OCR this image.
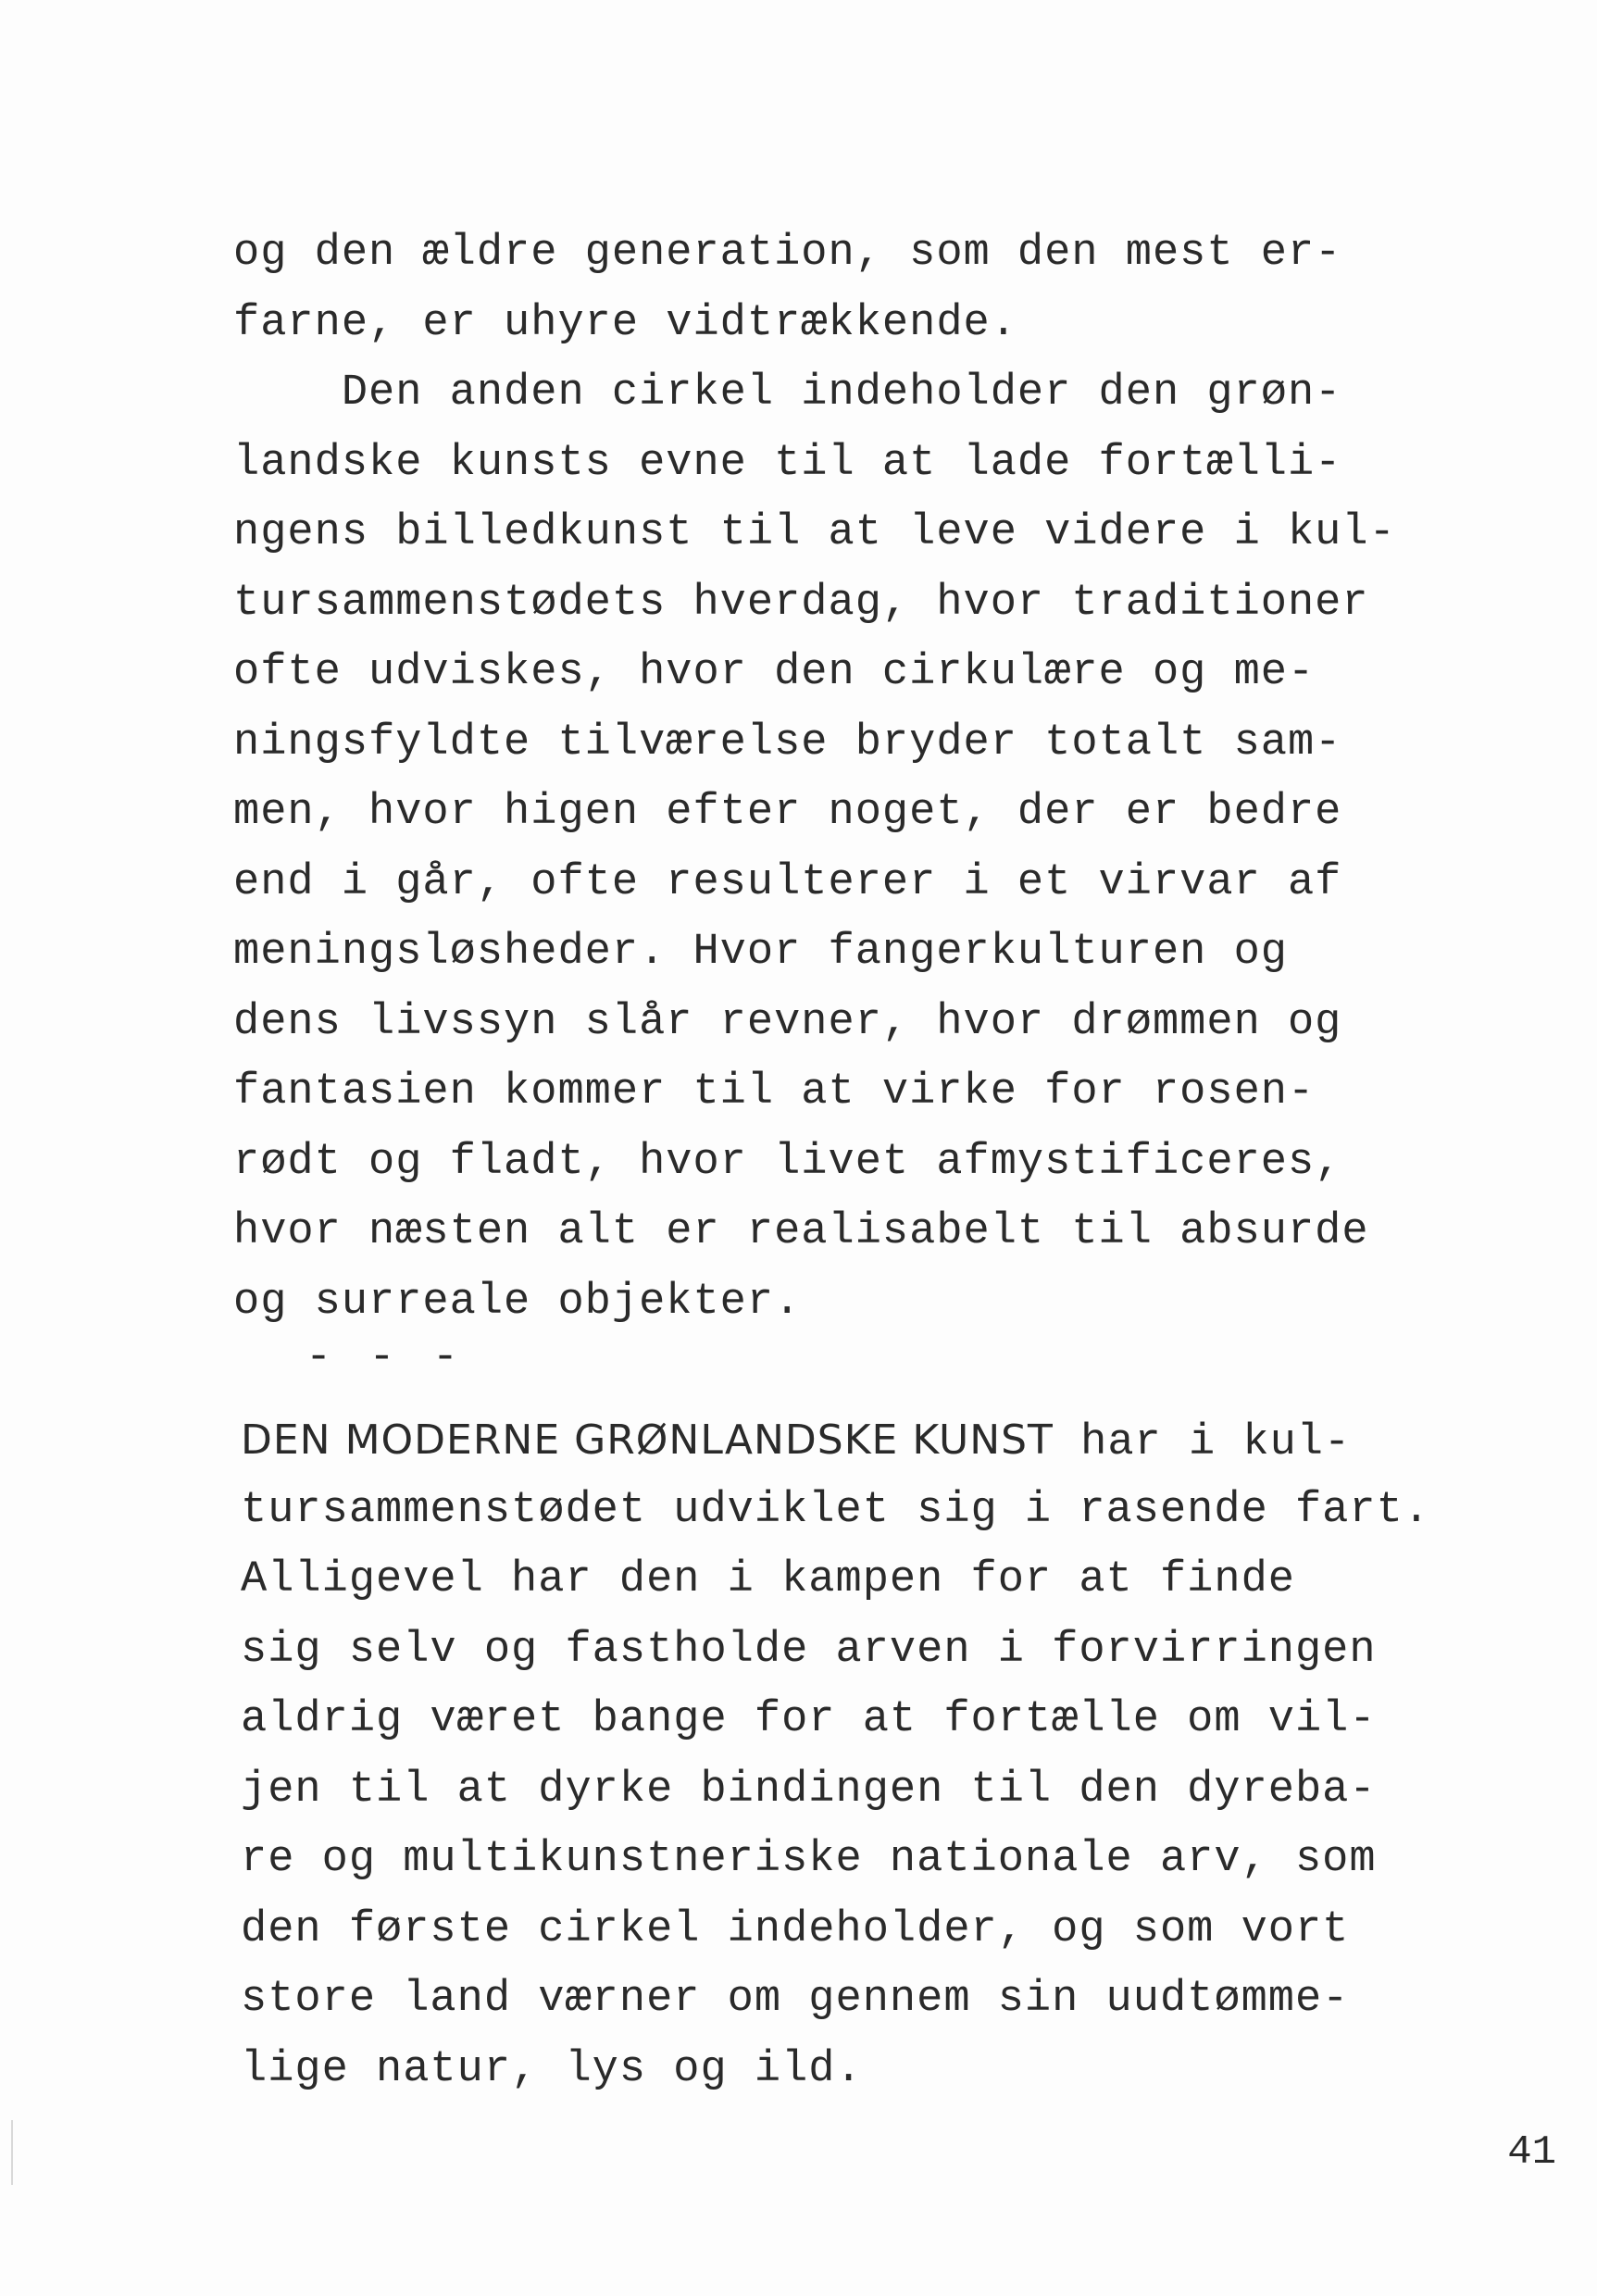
og den ældre generation, som den mest er-
farne, er uhyre vidtrækkende.
Den anden cirkel indeholder den grøn-
landske kunsts evne til at lade fortælli-
ngens billedkunst til at leve videre i kul-
tursammenstødets hverdag, hvor traditioner
ofte udviskes, hvor den cirkulære og me-
ningsfyldte tilværelse bryder totalt sam-
men, hvor higen efter noget, der er bedre
end i går, ofte resulterer i et virvar af
meningsløsheder. Hvor fangerkulturen og
dens livssyn slår revner, hvor drømmen og
fantasien kommer til at virke for rosen-
rødt og fladt, hvor livet afmystificeres,
hvor næsten alt er realisabelt til absurde
og surreale objekter.
- - -
DEN MODERNE GRØNLANDSKE KUNST har i kul-
tursammenstødet udviklet sig i rasende fart.
Alligevel har den i kampen for at finde
sig selv og fastholde arven i forvirringen
aldrig været bange for at fortælle om vil-
jen til at dyrke bindingen til den dyreba-
re og multikunstneriske nationale arv, som
den første cirkel indeholder, og som vort
store land værner om gennem sin uudtømme-
lige natur, lys og ild.
41
